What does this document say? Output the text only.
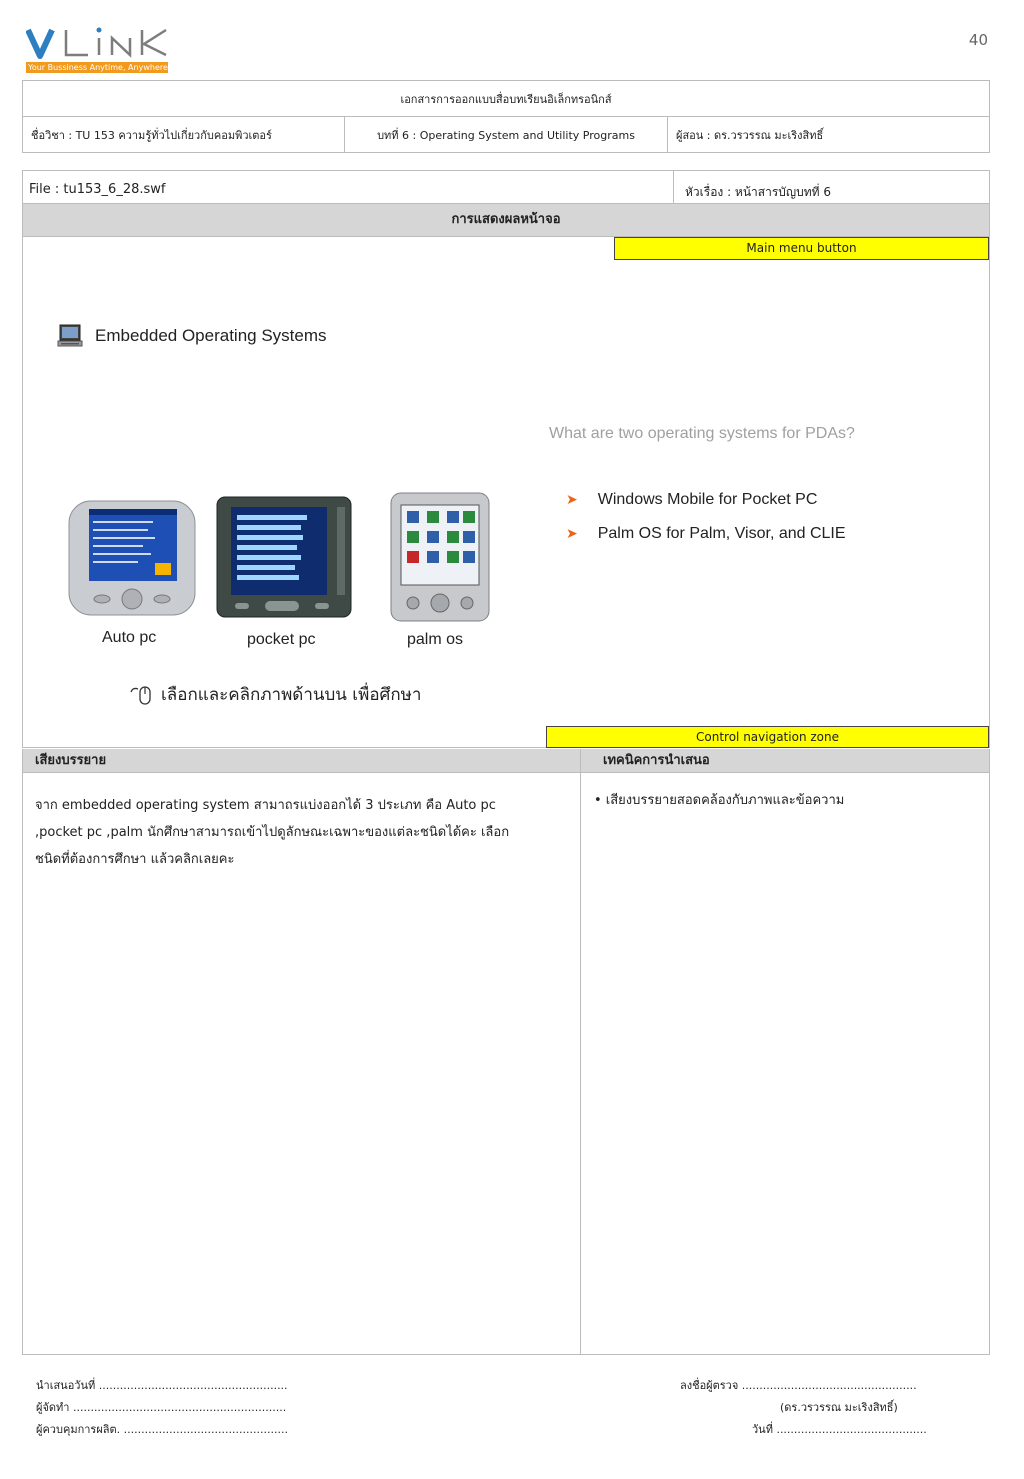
Your Bussiness Anytime, Anywhere
40
เอกสารการออกแบบสื่อบทเรียนอิเล็กทรอนิกส์
ชื่อวิชา : TU 153 ความรู้ทั่วไปเกี่ยวกับคอมพิวเตอร์	บทที่ 6 : Operating System and Utility Programs	ผู้สอน : ดร.วรวรรณ มะเริงสิทธิ์
File : tu153_6_28.swf	หัวเรื่อง : หน้าสารบัญบทที่ 6
การแสดงผลหน้าจอ
Main menu button
Embedded Operating Systems
What are two operating systems for PDAs?
➤ Windows Mobile for Pocket PC
➤ Palm OS for Palm, Visor, and CLIE
Auto pc	pocket pc	palm os
เลือกและคลิกภาพด้านบน เพื่อศึกษา
Control navigation zone
เสียงบรรยาย	เทคนิคการนำเสนอ
จาก embedded operating system สามาถรแบ่งออกได้ 3 ประเภท คือ Auto pc
,pocket pc ,palm นักศึกษาสามารถเข้าไปดูลักษณะเฉพาะของแต่ละชนิดได้คะ เลือก
ชนิดที่ต้องการศึกษา แล้วคลิกเลยคะ
• เสียงบรรยายสอดคล้องกับภาพและข้อความ
นำเสนอวันที่ ......................................................
ผู้จัดทำ .............................................................
ผู้ควบคุมการผลิต. ...............................................
ลงชื่อผู้ตรวจ ..................................................
(ดร.วรวรรณ มะเริงสิทธิ์)
วันที่ ...........................................
